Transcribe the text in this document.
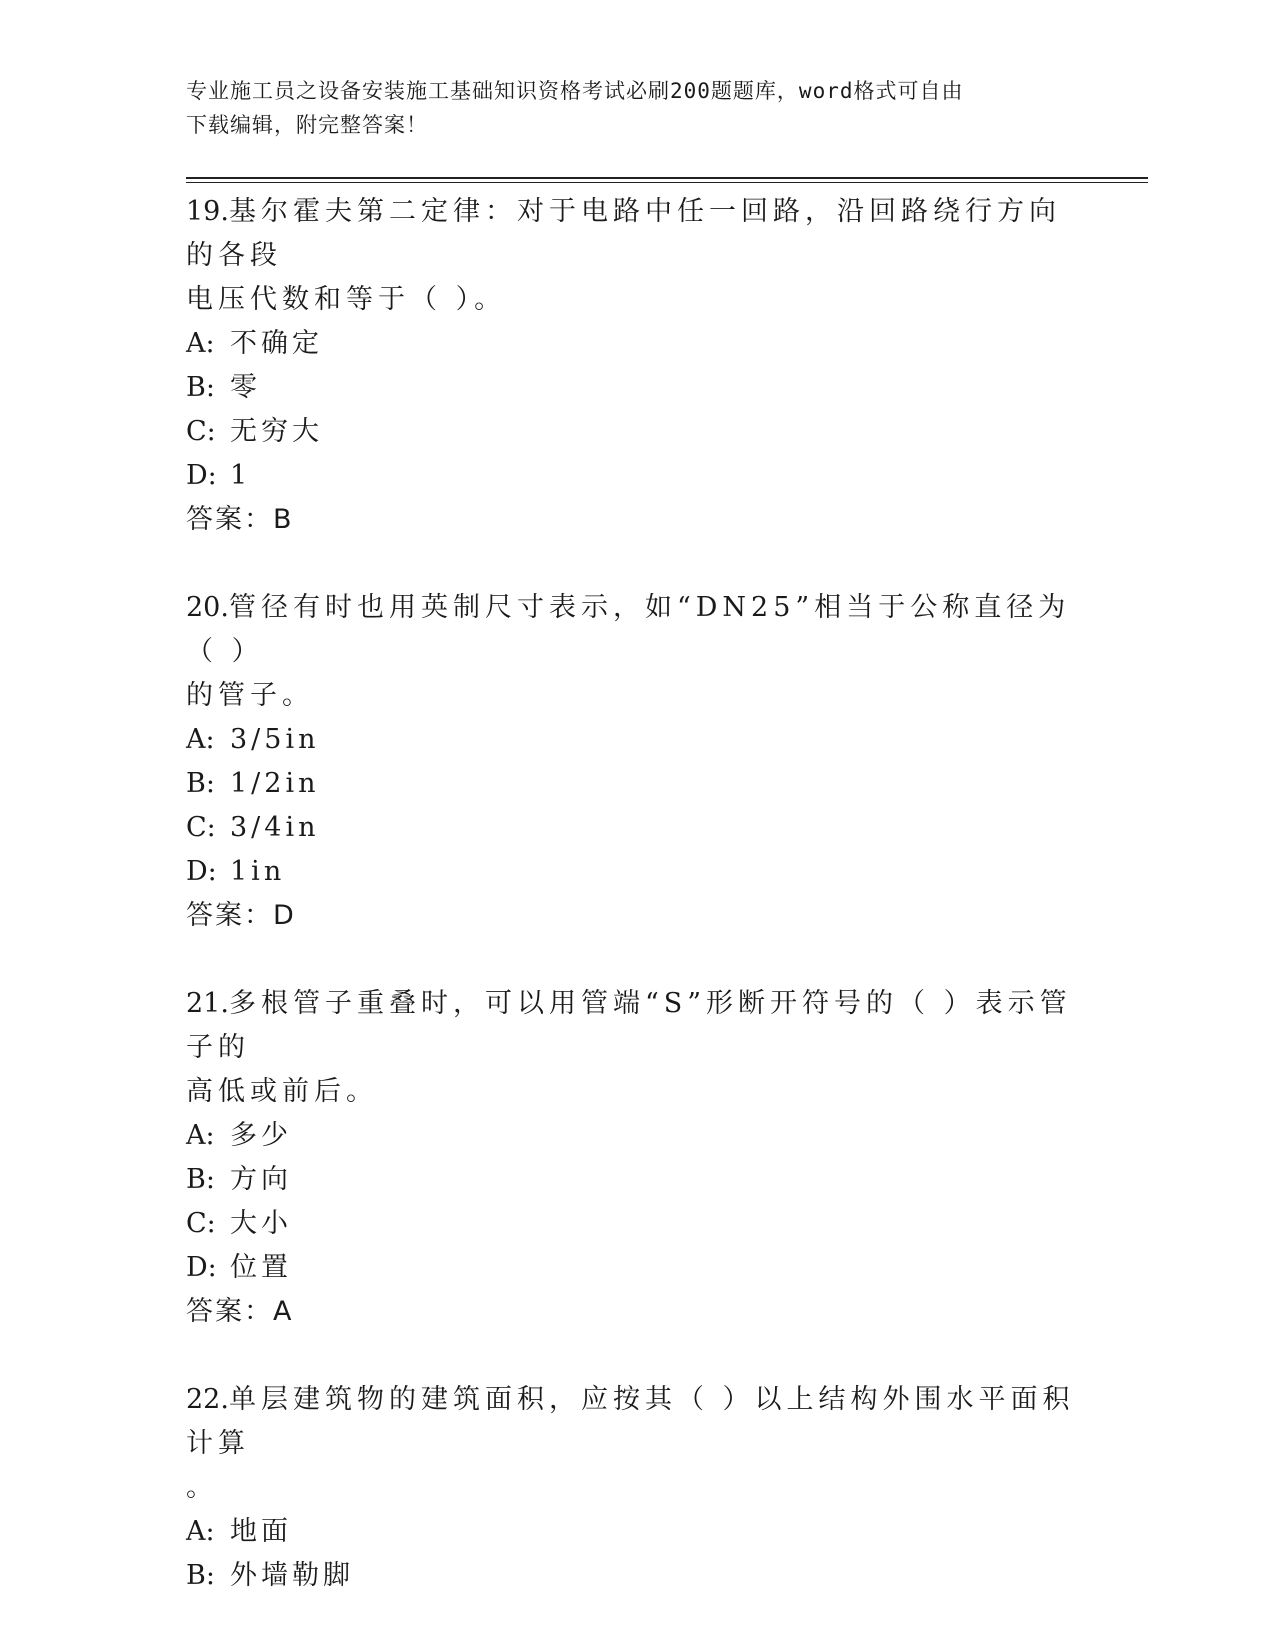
专业施工员之设备安装施工基础知识资格考试必刷200题题库，word格式可自由
下载编辑，附完整答案！

19.基尔霍夫第二定律：对于电路中任一回路，沿回路绕行方向的各段

电压代数和等于（ ）。

A: 不确定

B: 零

C: 无穷大

D: 1

答案：B

20.管径有时也用英制尺寸表示，如“DN25”相当于公称直径为（ ）

的管子。

A: 3/5in

B: 1/2in

C: 3/4in

D: 1in

答案：D

21.多根管子重叠时，可以用管端“S”形断开符号的（ ）表示管子的

高低或前后。

A: 多少

B: 方向

C: 大小

D: 位置

答案：A

22.单层建筑物的建筑面积，应按其（ ）以上结构外围水平面积计算

。

A: 地面

B: 外墙勒脚
